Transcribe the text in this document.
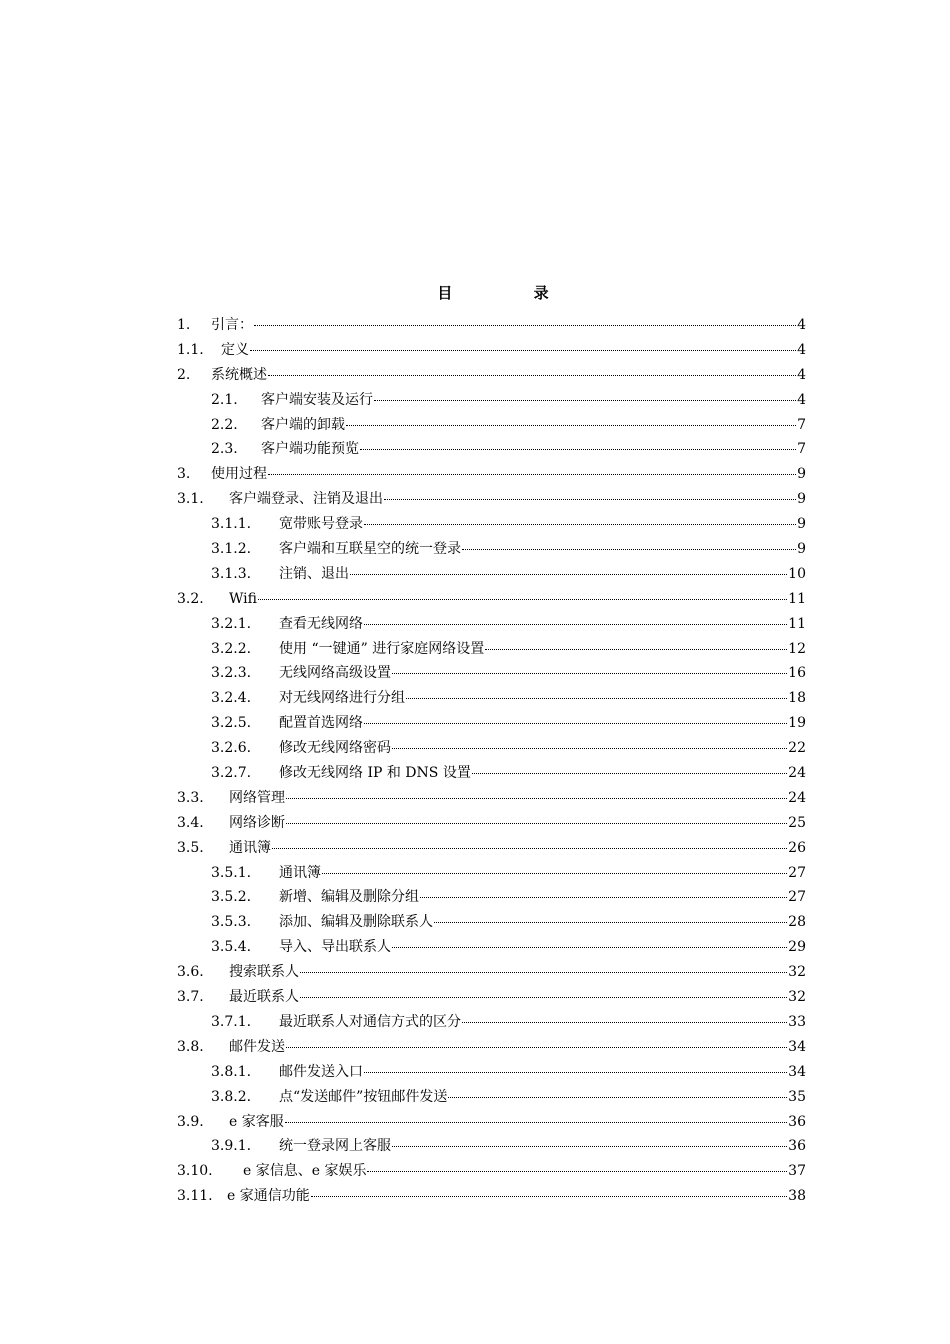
目 录
1.	引言：	4
1.1.	定义	4
2.	系统概述	4
2.1.	客户端安装及运行	4
2.2.	客户端的卸载	7
2.3.	客户端功能预览	7
3.	使用过程	9
3.1.	客户端登录、注销及退出	9
3.1.1.	宽带账号登录	9
3.1.2.	客户端和互联星空的统一登录	9
3.1.3.	注销、退出	10
3.2.	Wifi	11
3.2.1.	查看无线网络	11
3.2.2.	使用 “一键通” 进行家庭网络设置	12
3.2.3.	无线网络高级设置	16
3.2.4.	对无线网络进行分组	18
3.2.5.	配置首选网络	19
3.2.6.	修改无线网络密码	22
3.2.7.	修改无线网络 IP 和 DNS 设置	24
3.3.	网络管理	24
3.4.	网络诊断	25
3.5.	通讯簿	26
3.5.1.	通讯簿	27
3.5.2.	新增、编辑及删除分组	27
3.5.3.	添加、编辑及删除联系人	28
3.5.4.	导入、导出联系人	29
3.6.	搜索联系人	32
3.7.	最近联系人	32
3.7.1.	最近联系人对通信方式的区分	33
3.8.	邮件发送	34
3.8.1.	邮件发送入口	34
3.8.2.	点“发送邮件”按钮邮件发送	35
3.9.	e 家客服	36
3.9.1.	统一登录网上客服	36
3.10.	e 家信息、e 家娱乐	37
3.11.	e 家通信功能	38
